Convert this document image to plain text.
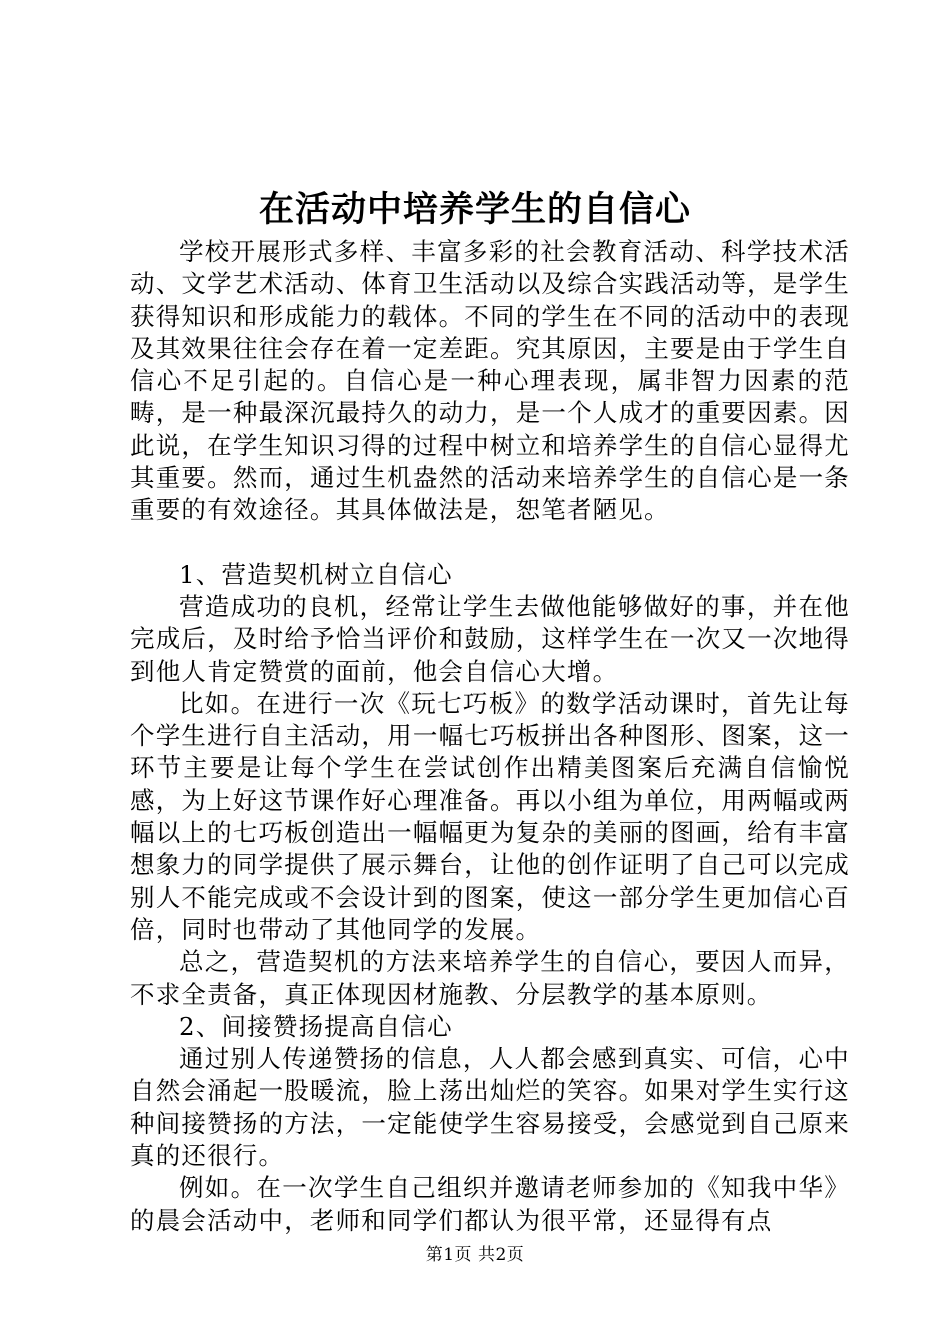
在活动中培养学生的自信心

学校开展形式多样、丰富多彩的社会教育活动、科学技术活动、文学艺术活动、体育卫生活动以及综合实践活动等，是学生获得知识和形成能力的载体。不同的学生在不同的活动中的表现及其效果往往会存在着一定差距。究其原因，主要是由于学生自信心不足引起的。自信心是一种心理表现，属非智力因素的范畴，是一种最深沉最持久的动力，是一个人成才的重要因素。因此说，在学生知识习得的过程中树立和培养学生的自信心显得尤其重要。然而，通过生机盎然的活动来培养学生的自信心是一条重要的有效途径。其具体做法是，恕笔者陋见。

1、营造契机树立自信心

营造成功的良机，经常让学生去做他能够做好的事，并在他完成后，及时给予恰当评价和鼓励，这样学生在一次又一次地得到他人肯定赞赏的面前，他会自信心大增。

比如。在进行一次《玩七巧板》的数学活动课时，首先让每个学生进行自主活动，用一幅七巧板拼出各种图形、图案，这一环节主要是让每个学生在尝试创作出精美图案后充满自信愉悦感，为上好这节课作好心理准备。再以小组为单位，用两幅或两幅以上的七巧板创造出一幅幅更为复杂的美丽的图画，给有丰富想象力的同学提供了展示舞台，让他的创作证明了自己可以完成别人不能完成或不会设计到的图案，使这一部分学生更加信心百倍，同时也带动了其他同学的发展。

总之，营造契机的方法来培养学生的自信心，要因人而异，不求全责备，真正体现因材施教、分层教学的基本原则。

2、间接赞扬提高自信心

通过别人传递赞扬的信息，人人都会感到真实、可信，心中自然会涌起一股暖流，脸上荡出灿烂的笑容。如果对学生实行这种间接赞扬的方法，一定能使学生容易接受，会感觉到自己原来真的还很行。

例如。在一次学生自己组织并邀请老师参加的《知我中华》的晨会活动中，老师和同学们都认为很平常，还显得有点

第1页 共2页
